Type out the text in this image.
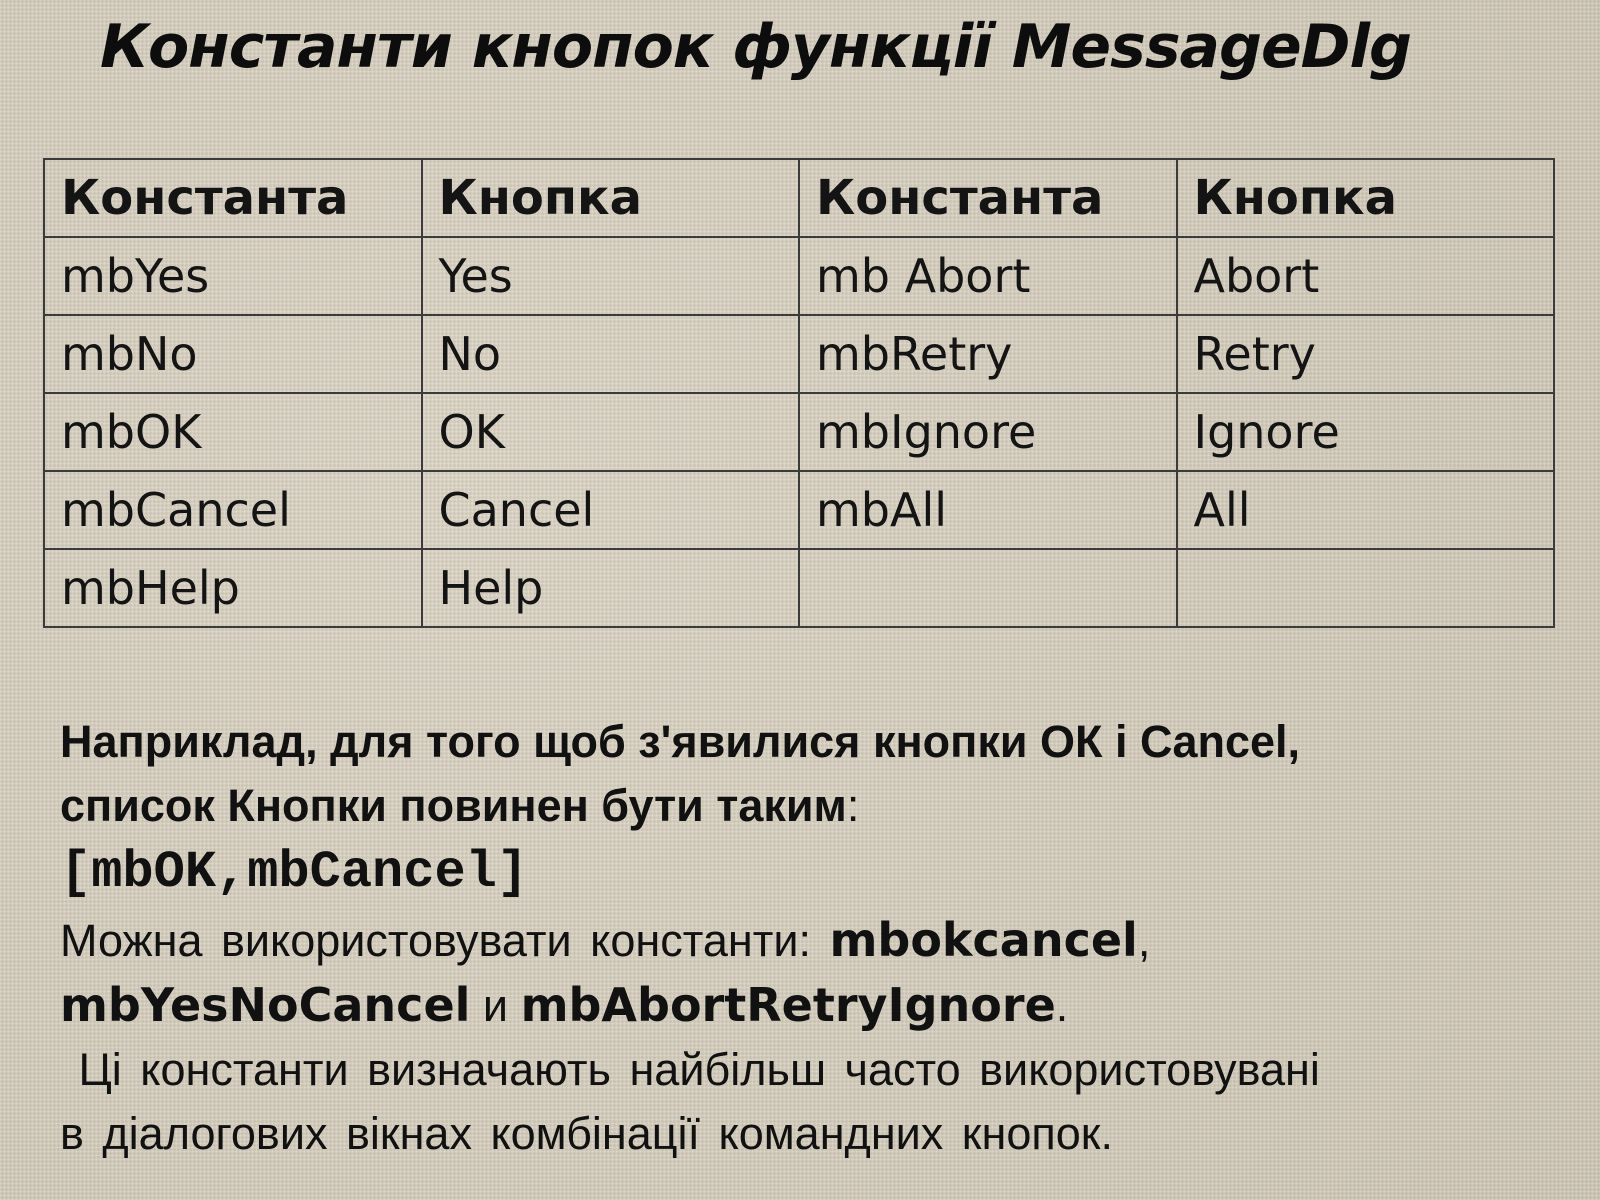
Константи кнопок функції MessageDlg
Константа	Кнопка	Константа	Кнопка
mbYes	Yes	mb Abort	Abort
mbNo	No	mbRetry	Retry
mbOK	OK	mbIgnore	Ignore
mbCancel	Cancel	mbAll	All
mbHelp	Help		

Наприклад, для того щоб з'явилися кнопки ОК і Cancel,

список Кнопки повинен бути таким:

[mbOK,mbCancel]

Можна використовувати константи: mbokcancel,

mbYesNoCancel и mbAbortRetryIgnore.

Ці константи визначають найбільш часто використовувані

в діалогових вікнах комбінації командних кнопок.
